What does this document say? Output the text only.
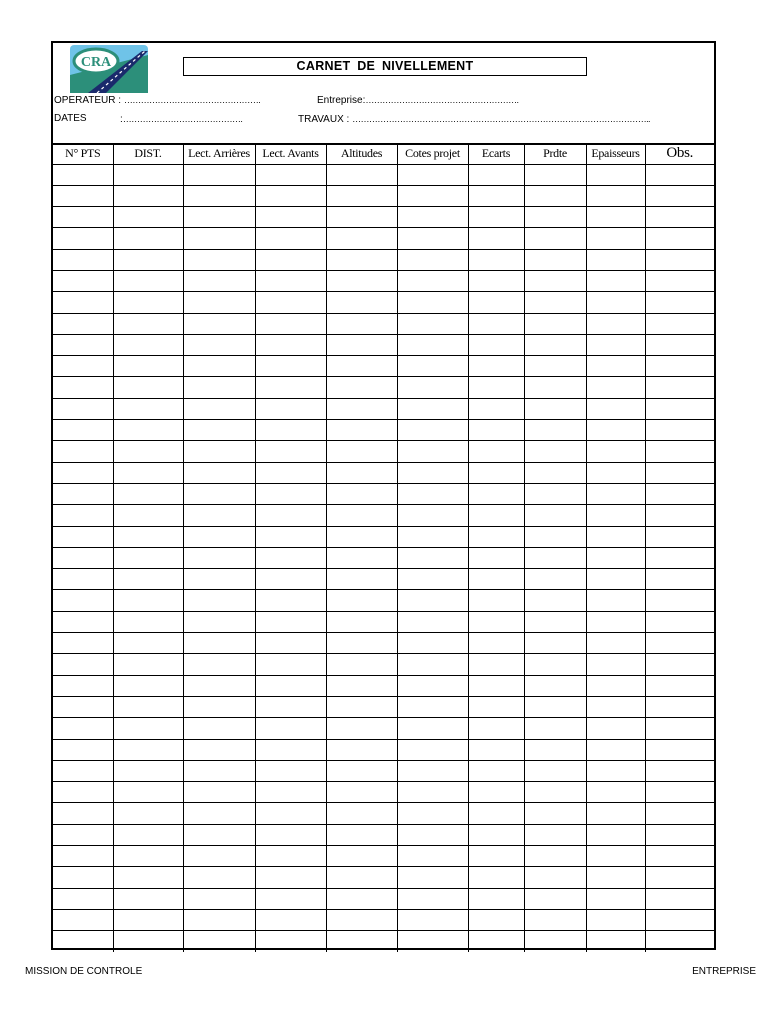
CRA	CARNET DE NIVELLEMENT
OPERATEUR : ………………………………………….	Entreprise:……………………………………………….
DATES	:…………………………………….	TRAVAUX : ……………………………………………………………………………………………..
N° PTS	DIST.	Lect. Arrières	Lect. Avants	Altitudes	Cotes projet	Ecarts	Prdte	Epaisseurs	Obs.

MISSION DE CONTROLE	ENTREPRISE
